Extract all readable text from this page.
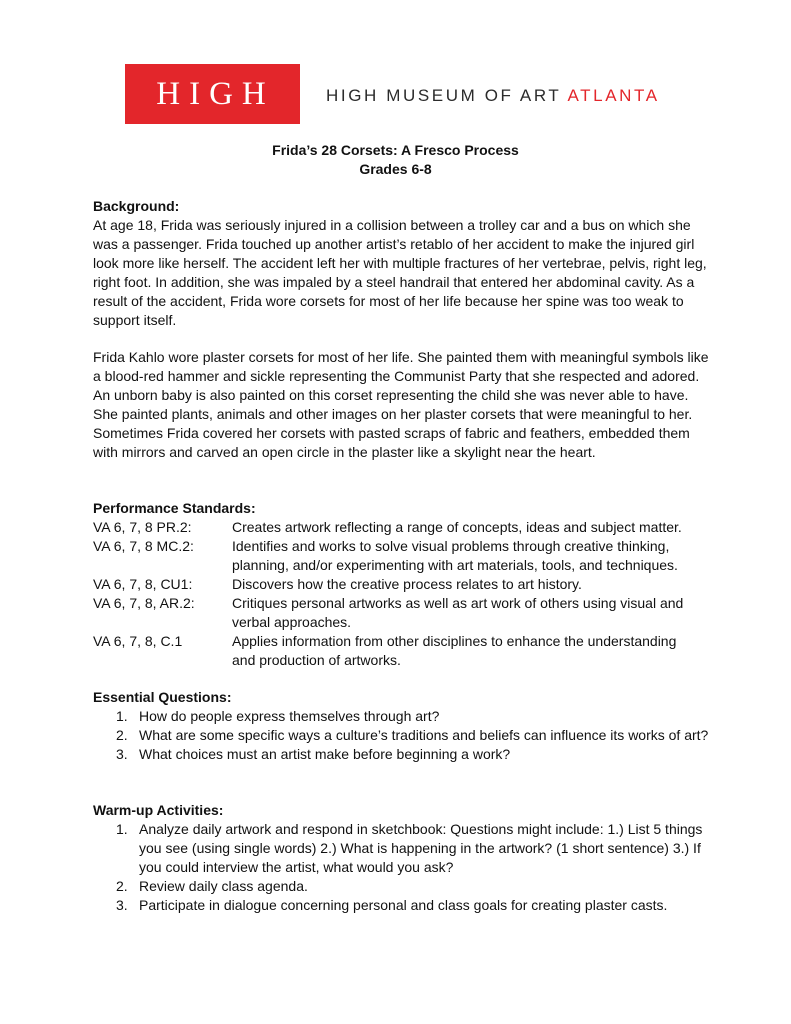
HIGH	HIGH MUSEUM OF ART ATLANTA
Frida’s 28 Corsets: A Fresco Process
Grades 6-8
Background:

At age 18, Frida was seriously injured in a collision between a trolley car and a bus on which she was a passenger. Frida touched up another artist’s retablo of her accident to make the injured girl look more like herself. The accident left her with multiple fractures of her vertebrae, pelvis, right leg, right foot. In addition, she was impaled by a steel handrail that entered her abdominal cavity. As a result of the accident, Frida wore corsets for most of her life because her spine was too weak to support itself.

Frida Kahlo wore plaster corsets for most of her life. She painted them with meaningful symbols like a blood-red hammer and sickle representing the Communist Party that she respected and adored. An unborn baby is also painted on this corset representing the child she was never able to have. She painted plants, animals and other images on her plaster corsets that were meaningful to her. Sometimes Frida covered her corsets with pasted scraps of fabric and feathers, embedded them with mirrors and carved an open circle in the plaster like a skylight near the heart.

Performance Standards:
VA 6, 7, 8 PR.2:	Creates artwork reflecting a range of concepts, ideas and subject matter.
VA 6, 7, 8 MC.2:	Identifies and works to solve visual problems through creative thinking, planning, and/or experimenting with art materials, tools, and techniques.
VA 6, 7, 8, CU1:	Discovers how the creative process relates to art history.
VA 6, 7, 8, AR.2:	Critiques personal artworks as well as art work of others using visual and verbal approaches.
VA 6, 7, 8, C.1	Applies information from other disciplines to enhance the understanding and production of artworks.
Essential Questions:
1. How do people express themselves through art?
2. What are some specific ways a culture’s traditions and beliefs can influence its works of art?
3. What choices must an artist make before beginning a work?
Warm-up Activities:
1. Analyze daily artwork and respond in sketchbook: Questions might include: 1.) List 5 things you see (using single words) 2.) What is happening in the artwork? (1 short sentence) 3.) If you could interview the artist, what would you ask?
2. Review daily class agenda.
3. Participate in dialogue concerning personal and class goals for creating plaster casts.
